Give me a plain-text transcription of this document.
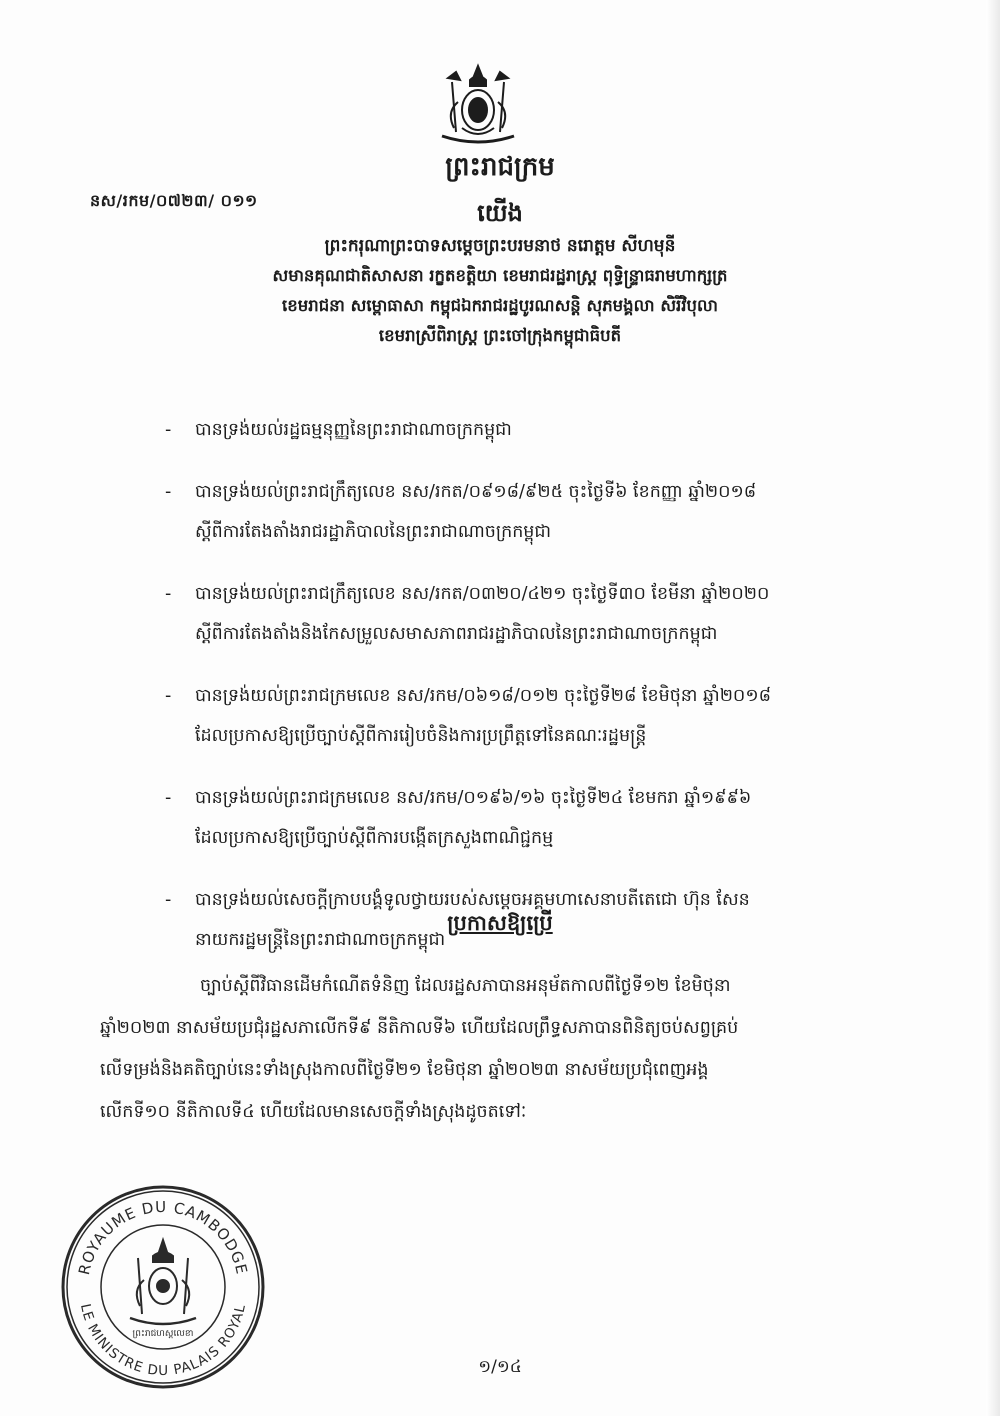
ព្រះរាជក្រម
នស/រកម/០៧២៣/ ០១១	យើង
ព្រះករុណាព្រះបាទសម្តេចព្រះបរមនាថ នរោត្តម សីហមុនី
សមានគុណជាតិសាសនា រក្ខតខត្តិយា ខេមរាជរដ្ឋរាស្ត្រ ពុទ្ធិន្ទ្រាធរាមហាក្សត្រ
ខេមរាជនា សម្ពោធាសា កម្ពុជឯករាជរដ្ឋបូរណសន្តិ សុភមង្គលា សិរីវិបុលា
ខេមរាស្រីពិរាស្ត្រ ព្រះចៅក្រុងកម្ពុជាធិបតី
- បានទ្រង់យល់រដ្ឋធម្មនុញ្ញនៃព្រះរាជាណាចក្រកម្ពុជា
- បានទ្រង់យល់ព្រះរាជក្រឹត្យលេខ នស/រកត/០៩១៨/៩២៥ ចុះថ្ងៃទី៦ ខែកញ្ញា ឆ្នាំ២០១៨
ស្តីពីការតែងតាំងរាជរដ្ឋាភិបាលនៃព្រះរាជាណាចក្រកម្ពុជា
- បានទ្រង់យល់ព្រះរាជក្រឹត្យលេខ នស/រកត/០៣២០/៤២១ ចុះថ្ងៃទី៣០ ខែមីនា ឆ្នាំ២០២០
ស្តីពីការតែងតាំងនិងកែសម្រួលសមាសភាពរាជរដ្ឋាភិបាលនៃព្រះរាជាណាចក្រកម្ពុជា
- បានទ្រង់យល់ព្រះរាជក្រមលេខ នស/រកម/០៦១៨/០១២ ចុះថ្ងៃទី២៨ ខែមិថុនា ឆ្នាំ២០១៨
ដែលប្រកាសឱ្យប្រើច្បាប់ស្តីពីការរៀបចំនិងការប្រព្រឹត្តទៅនៃគណៈរដ្ឋមន្ត្រី
- បានទ្រង់យល់ព្រះរាជក្រមលេខ នស/រកម/០១៩៦/១៦ ចុះថ្ងៃទី២៤ ខែមករា ឆ្នាំ១៩៩៦
ដែលប្រកាសឱ្យប្រើច្បាប់ស្តីពីការបង្កើតក្រសួងពាណិជ្ជកម្ម
- បានទ្រង់យល់សេចក្តីក្រាបបង្គំទូលថ្វាយរបស់សម្តេចអគ្គមហាសេនាបតីតេជោ ហ៊ុន សែន
នាយករដ្ឋមន្ត្រីនៃព្រះរាជាណាចក្រកម្ពុជា
ប្រកាសឱ្យប្រើ
ច្បាប់ស្តីពីវិធានដើមកំណើតទំនិញ ដែលរដ្ឋសភាបានអនុម័តកាលពីថ្ងៃទី១២ ខែមិថុនា
ឆ្នាំ២០២៣ នាសម័យប្រជុំរដ្ឋសភាលើកទី៩ នីតិកាលទី៦ ហើយដែលព្រឹទ្ធសភាបានពិនិត្យចប់សព្វគ្រប់
លើទម្រង់និងគតិច្បាប់នេះទាំងស្រុងកាលពីថ្ងៃទី២១ ខែមិថុនា ឆ្នាំ២០២៣ នាសម័យប្រជុំពេញអង្គ
លើកទី១០ នីតិកាលទី៤ ហើយដែលមានសេចក្តីទាំងស្រុងដូចតទៅៈ
ROYAUME DU CAMBODGE
LE MINISTRE DU PALAIS ROYAL
ព្រះរាជហស្តលេខា
១/១៤
